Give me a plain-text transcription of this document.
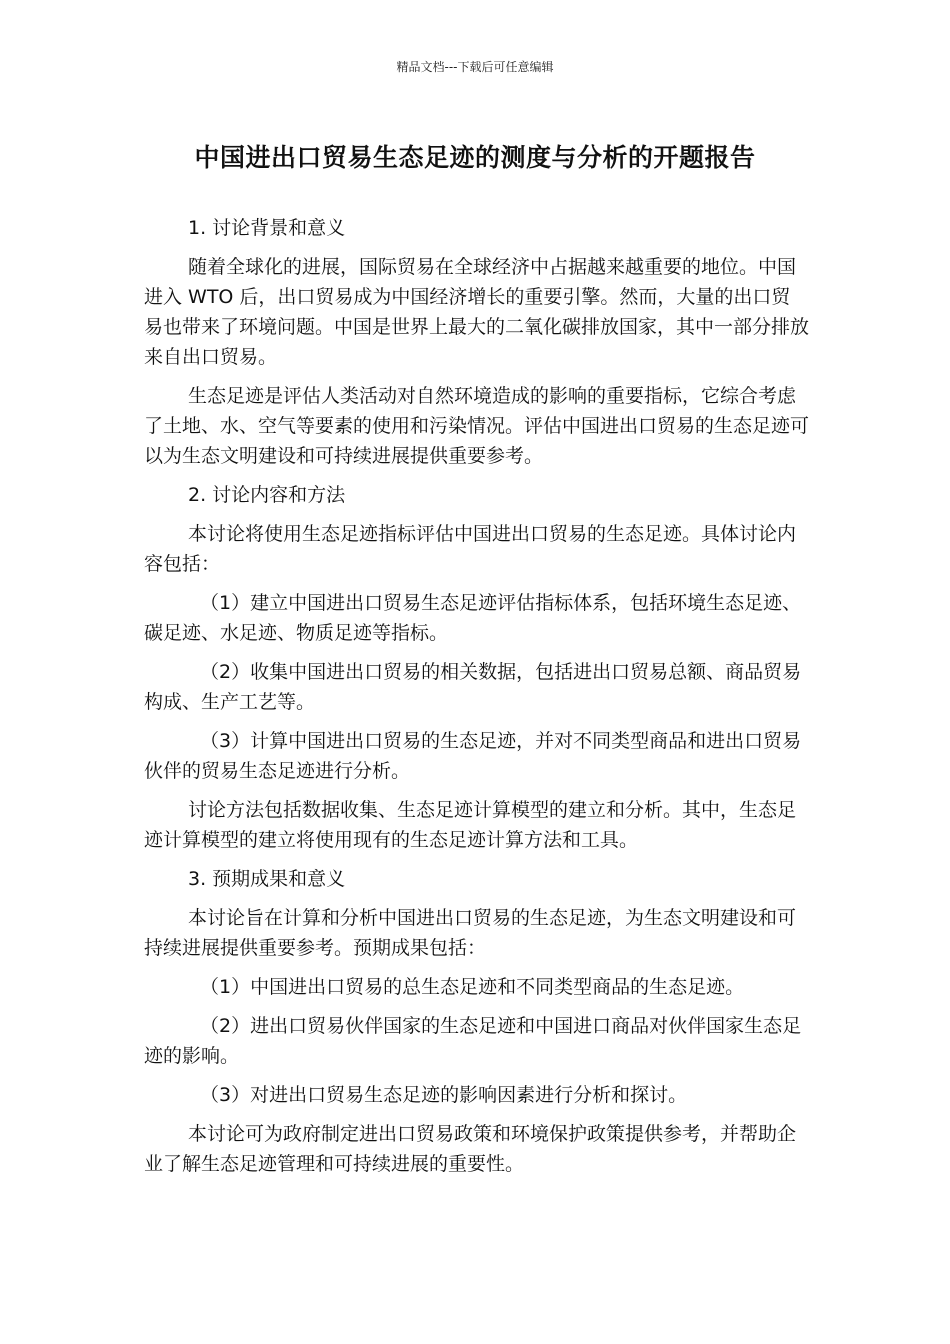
精品文档---下载后可任意编辑
中国进出口贸易生态足迹的测度与分析的开题报告

1. 讨论背景和意义

随着全球化的进展，国际贸易在全球经济中占据越来越重要的地位。中国进入 WTO 后，出口贸易成为中国经济增长的重要引擎。然而，大量的出口贸易也带来了环境问题。中国是世界上最大的二氧化碳排放国家，其中一部分排放来自出口贸易。

生态足迹是评估人类活动对自然环境造成的影响的重要指标，它综合考虑了土地、水、空气等要素的使用和污染情况。评估中国进出口贸易的生态足迹可以为生态文明建设和可持续进展提供重要参考。

2. 讨论内容和方法

本讨论将使用生态足迹指标评估中国进出口贸易的生态足迹。具体讨论内容包括：

（1）建立中国进出口贸易生态足迹评估指标体系，包括环境生态足迹、碳足迹、水足迹、物质足迹等指标。

（2）收集中国进出口贸易的相关数据，包括进出口贸易总额、商品贸易构成、生产工艺等。

（3）计算中国进出口贸易的生态足迹，并对不同类型商品和进出口贸易伙伴的贸易生态足迹进行分析。

讨论方法包括数据收集、生态足迹计算模型的建立和分析。其中，生态足迹计算模型的建立将使用现有的生态足迹计算方法和工具。

3. 预期成果和意义

本讨论旨在计算和分析中国进出口贸易的生态足迹，为生态文明建设和可持续进展提供重要参考。预期成果包括：

（1）中国进出口贸易的总生态足迹和不同类型商品的生态足迹。

（2）进出口贸易伙伴国家的生态足迹和中国进口商品对伙伴国家生态足迹的影响。

（3）对进出口贸易生态足迹的影响因素进行分析和探讨。

本讨论可为政府制定进出口贸易政策和环境保护政策提供参考，并帮助企业了解生态足迹管理和可持续进展的重要性。
